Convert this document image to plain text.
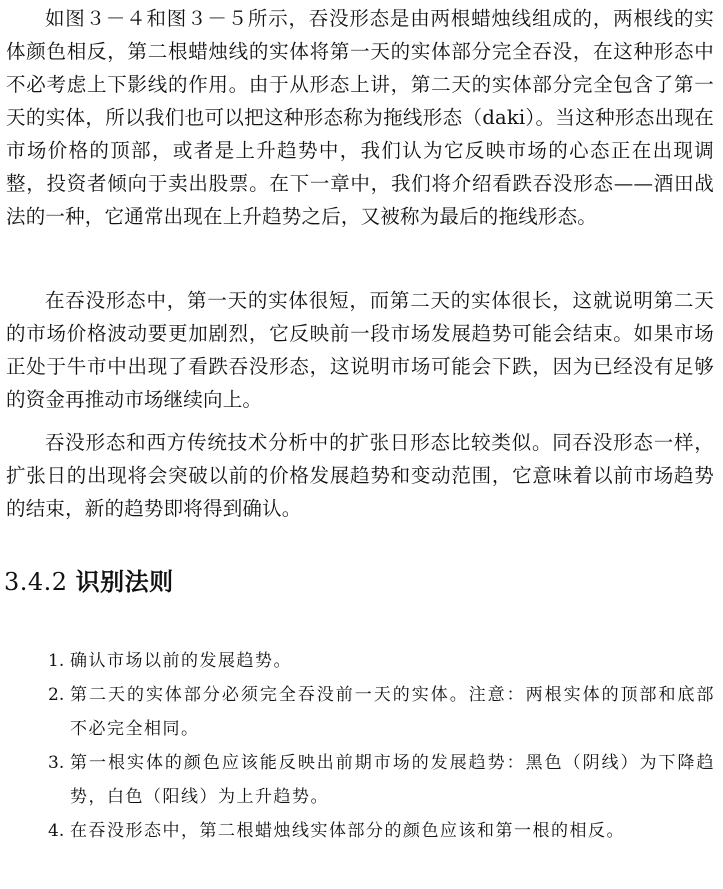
如图３－４和图３－５所示，吞没形态是由两根蜡烛线组成的，两根线的实体颜色相反，第二根蜡烛线的实体将第一天的实体部分完全吞没，在这种形态中不必考虑上下影线的作用。由于从形态上讲，第二天的实体部分完全包含了第一天的实体，所以我们也可以把这种形态称为拖线形态（daki）。当这种形态出现在市场价格的顶部，或者是上升趋势中，我们认为它反映市场的心态正在出现调整，投资者倾向于卖出股票。在下一章中，我们将介绍看跌吞没形态——酒田战法的一种，它通常出现在上升趋势之后，又被称为最后的拖线形态。

在吞没形态中，第一天的实体很短，而第二天的实体很长，这就说明第二天的市场价格波动要更加剧烈，它反映前一段市场发展趋势可能会结束。如果市场正处于牛市中出现了看跌吞没形态，这说明市场可能会下跌，因为已经没有足够的资金再推动市场继续向上。

吞没形态和西方传统技术分析中的扩张日形态比较类似。同吞没形态一样，扩张日的出现将会突破以前的价格发展趋势和变动范围，它意味着以前市场趋势的结束，新的趋势即将得到确认。

3.4.2 识别法则
1. 确认市场以前的发展趋势。
2. 第二天的实体部分必须完全吞没前一天的实体。注意：两根实体的顶部和底部不必完全相同。
3. 第一根实体的颜色应该能反映出前期市场的发展趋势：黑色（阴线）为下降趋势，白色（阳线）为上升趋势。
4. 在吞没形态中，第二根蜡烛线实体部分的颜色应该和第一根的相反。
